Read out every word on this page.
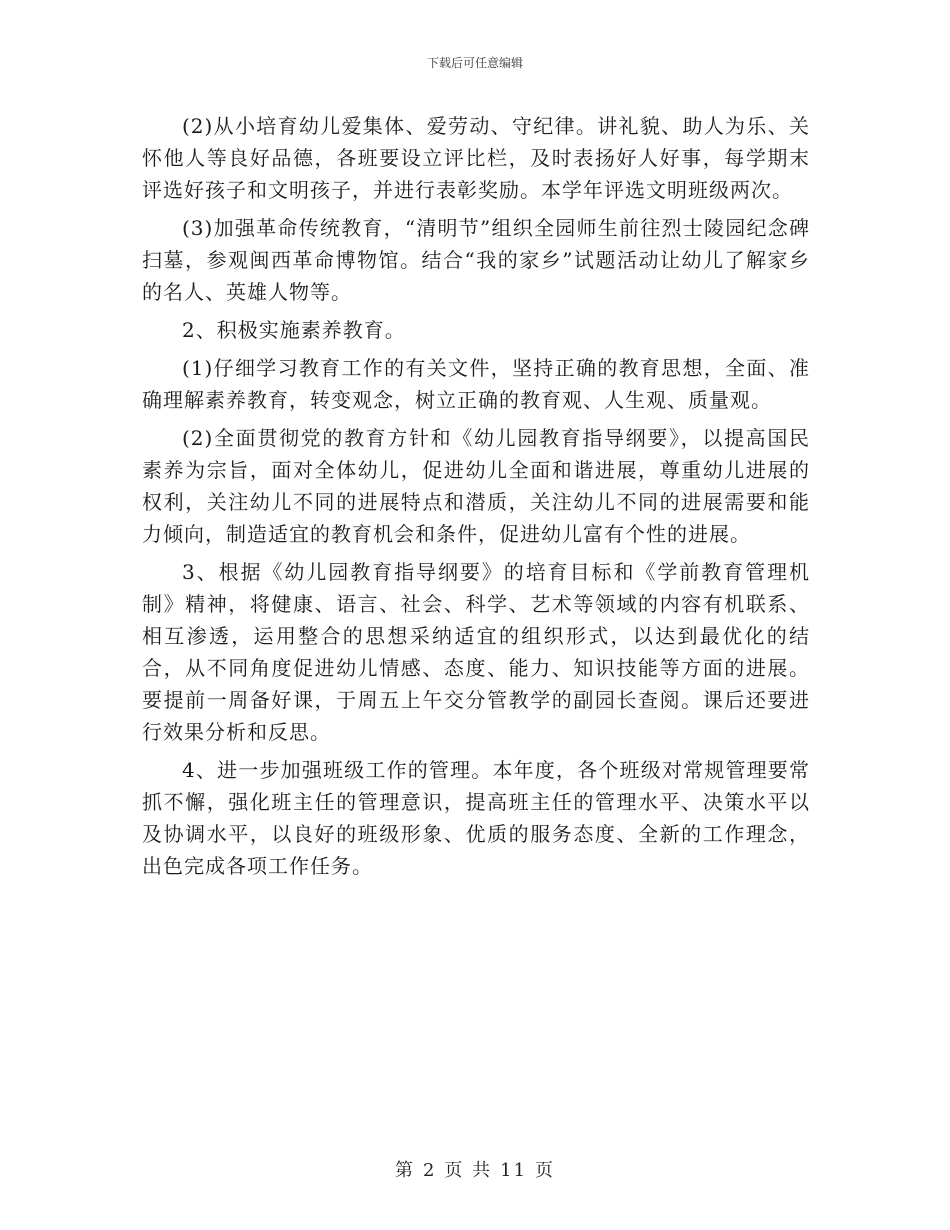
下载后可任意编辑

(2)从小培育幼儿爱集体、爱劳动、守纪律。讲礼貌、助人为乐、关怀他人等良好品德，各班要设立评比栏，及时表扬好人好事，每学期末评选好孩子和文明孩子，并进行表彰奖励。本学年评选文明班级两次。

(3)加强革命传统教育，“清明节”组织全园师生前往烈士陵园纪念碑扫墓，参观闽西革命博物馆。结合“我的家乡”试题活动让幼儿了解家乡的名人、英雄人物等。

2、积极实施素养教育。

(1)仔细学习教育工作的有关文件，坚持正确的教育思想，全面、准确理解素养教育，转变观念，树立正确的教育观、人生观、质量观。

(2)全面贯彻党的教育方针和《幼儿园教育指导纲要》，以提高国民素养为宗旨，面对全体幼儿，促进幼儿全面和谐进展，尊重幼儿进展的权利，关注幼儿不同的进展特点和潜质，关注幼儿不同的进展需要和能力倾向，制造适宜的教育机会和条件，促进幼儿富有个性的进展。

3、根据《幼儿园教育指导纲要》的培育目标和《学前教育管理机制》精神，将健康、语言、社会、科学、艺术等领域的内容有机联系、相互渗透，运用整合的思想采纳适宜的组织形式，以达到最优化的结合，从不同角度促进幼儿情感、态度、能力、知识技能等方面的进展。要提前一周备好课，于周五上午交分管教学的副园长查阅。课后还要进行效果分析和反思。

4、进一步加强班级工作的管理。本年度，各个班级对常规管理要常抓不懈，强化班主任的管理意识，提高班主任的管理水平、决策水平以及协调水平，以良好的班级形象、优质的服务态度、全新的工作理念，出色完成各项工作任务。

第 2 页 共 11 页
